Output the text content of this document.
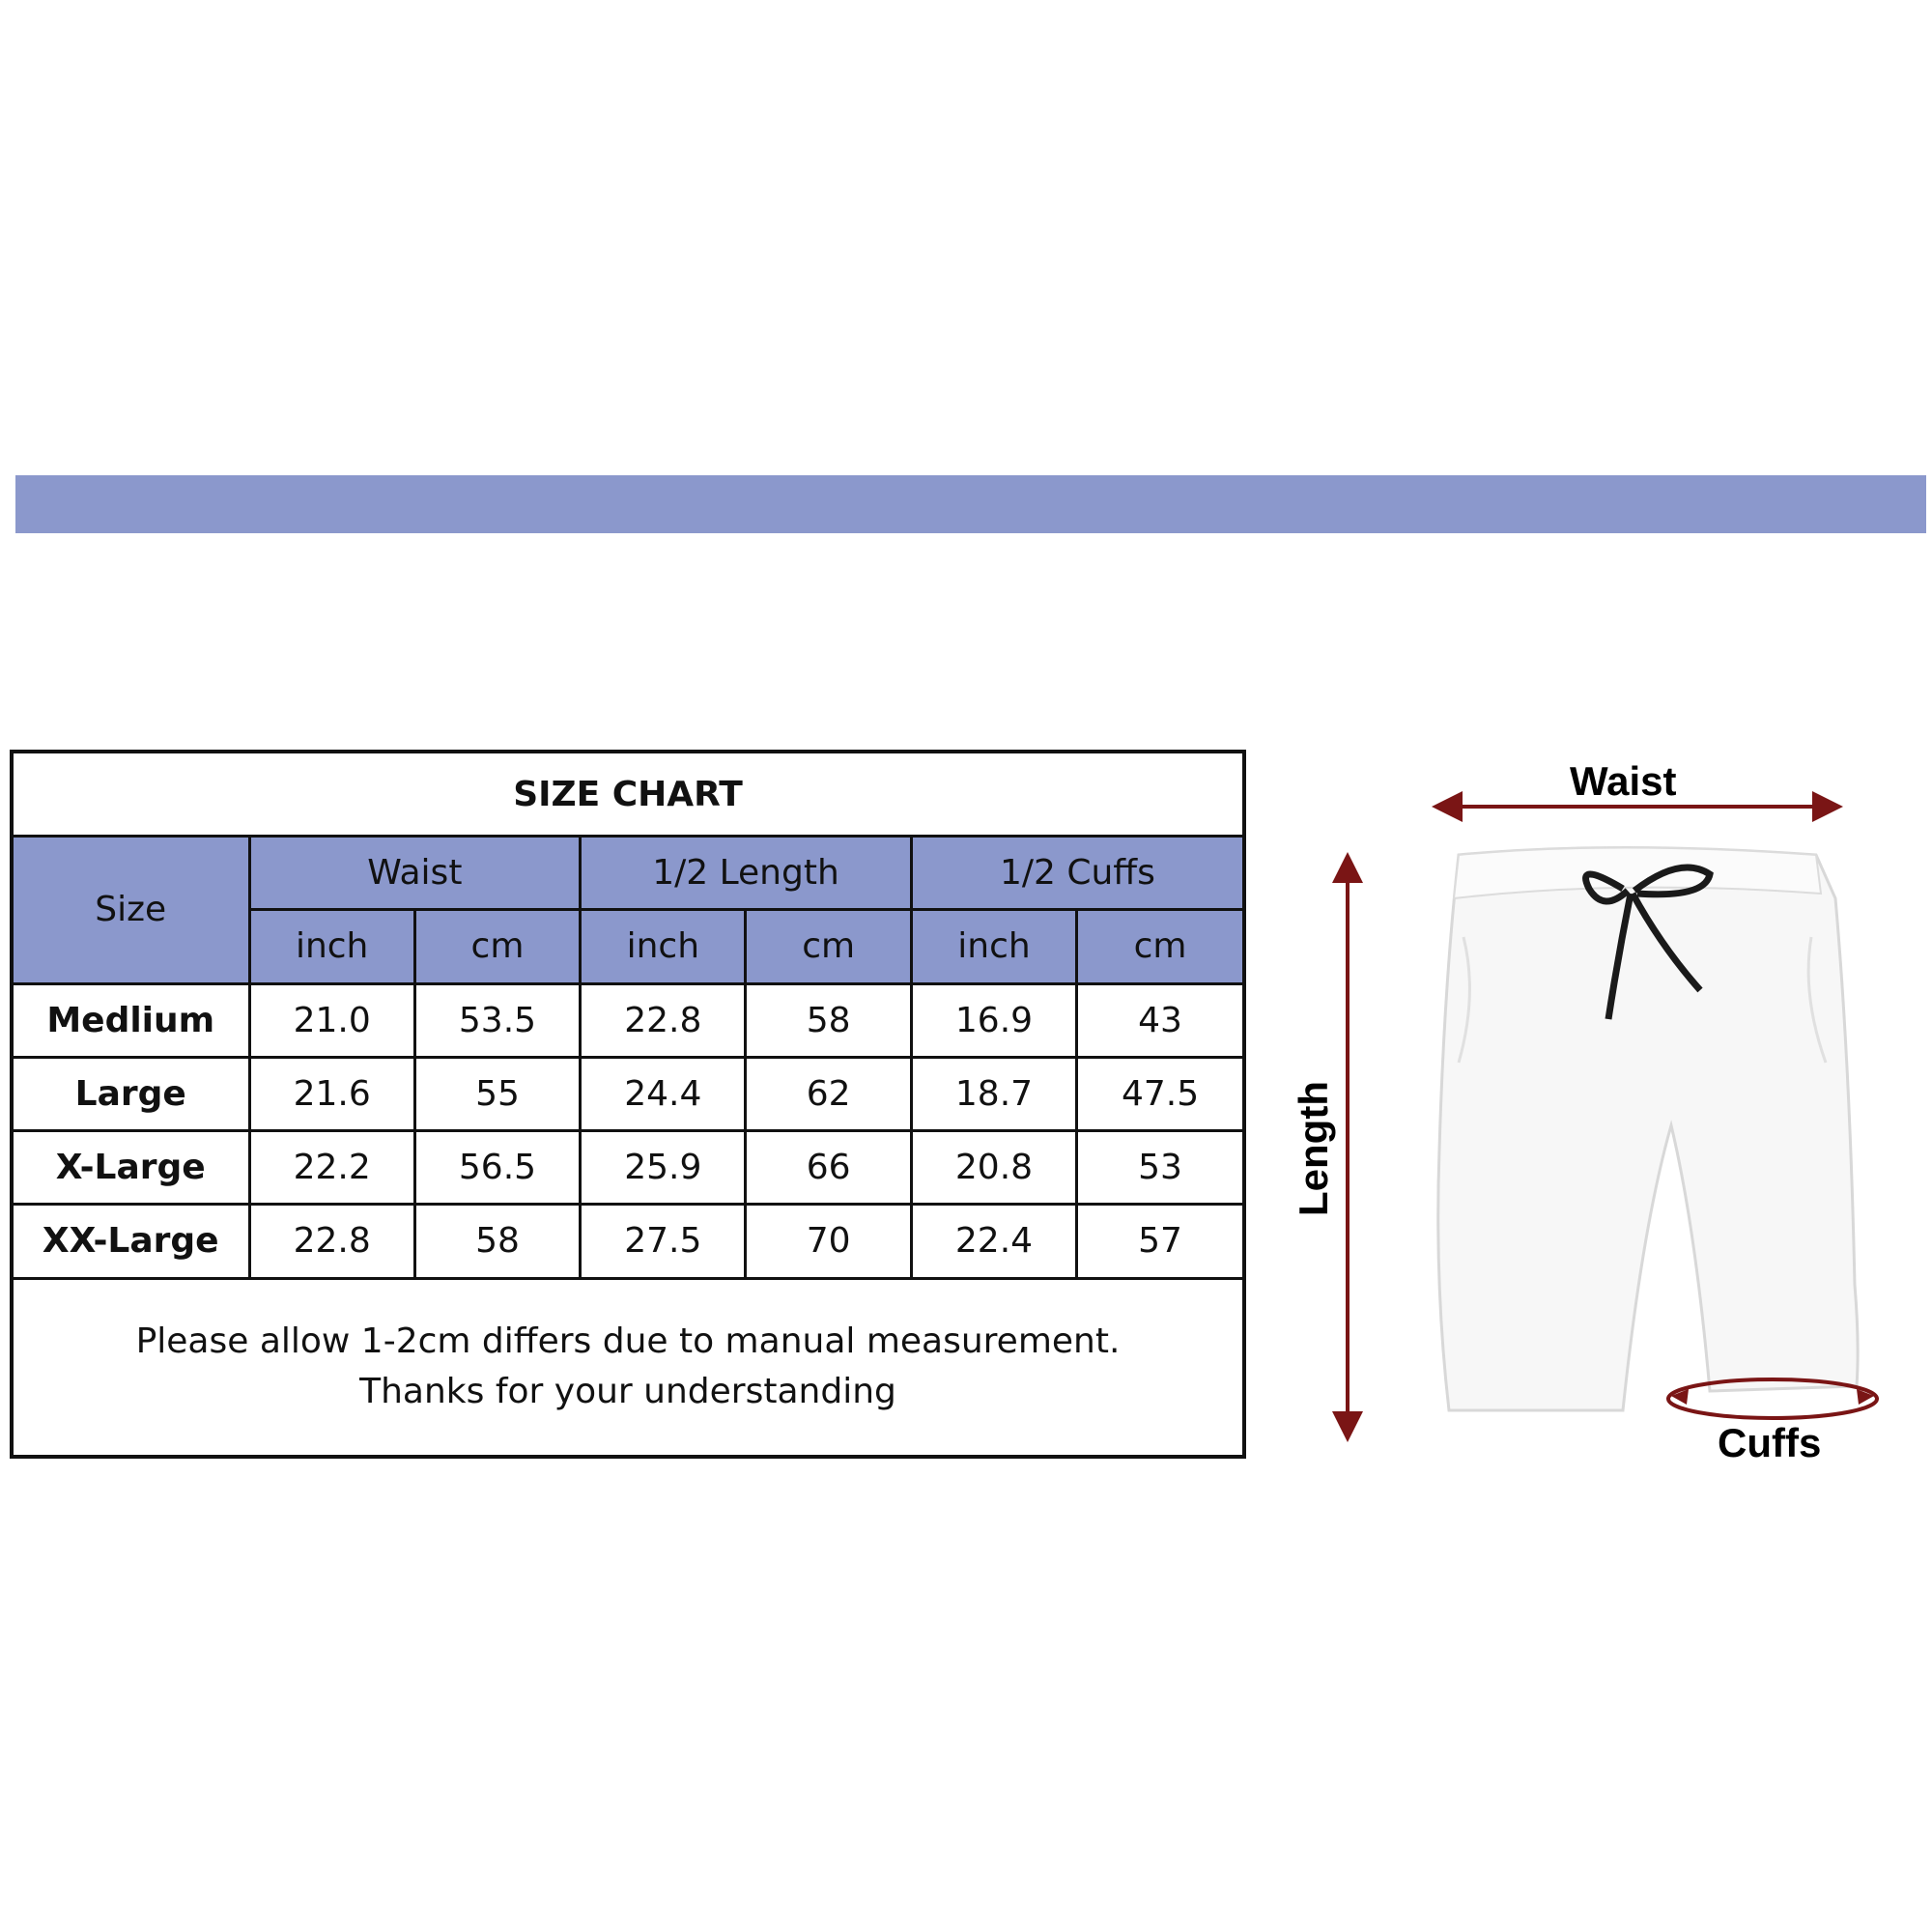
SIZE CHART						
Size	Waist		1/2 Length		1/2 Cuffs	
	inch	cm	inch	cm	inch	cm
Medlium	21.0	53.5	22.8	58	16.9	43
Large	21.6	55	24.4	62	18.7	47.5
X-Large	22.2	56.5	25.9	66	20.8	53
XX-Large	22.8	58	27.5	70	22.4	57

Please allow 1-2cm differs due to manual measurement.
Thanks for your understanding						
Waist
Length
Cuffs
